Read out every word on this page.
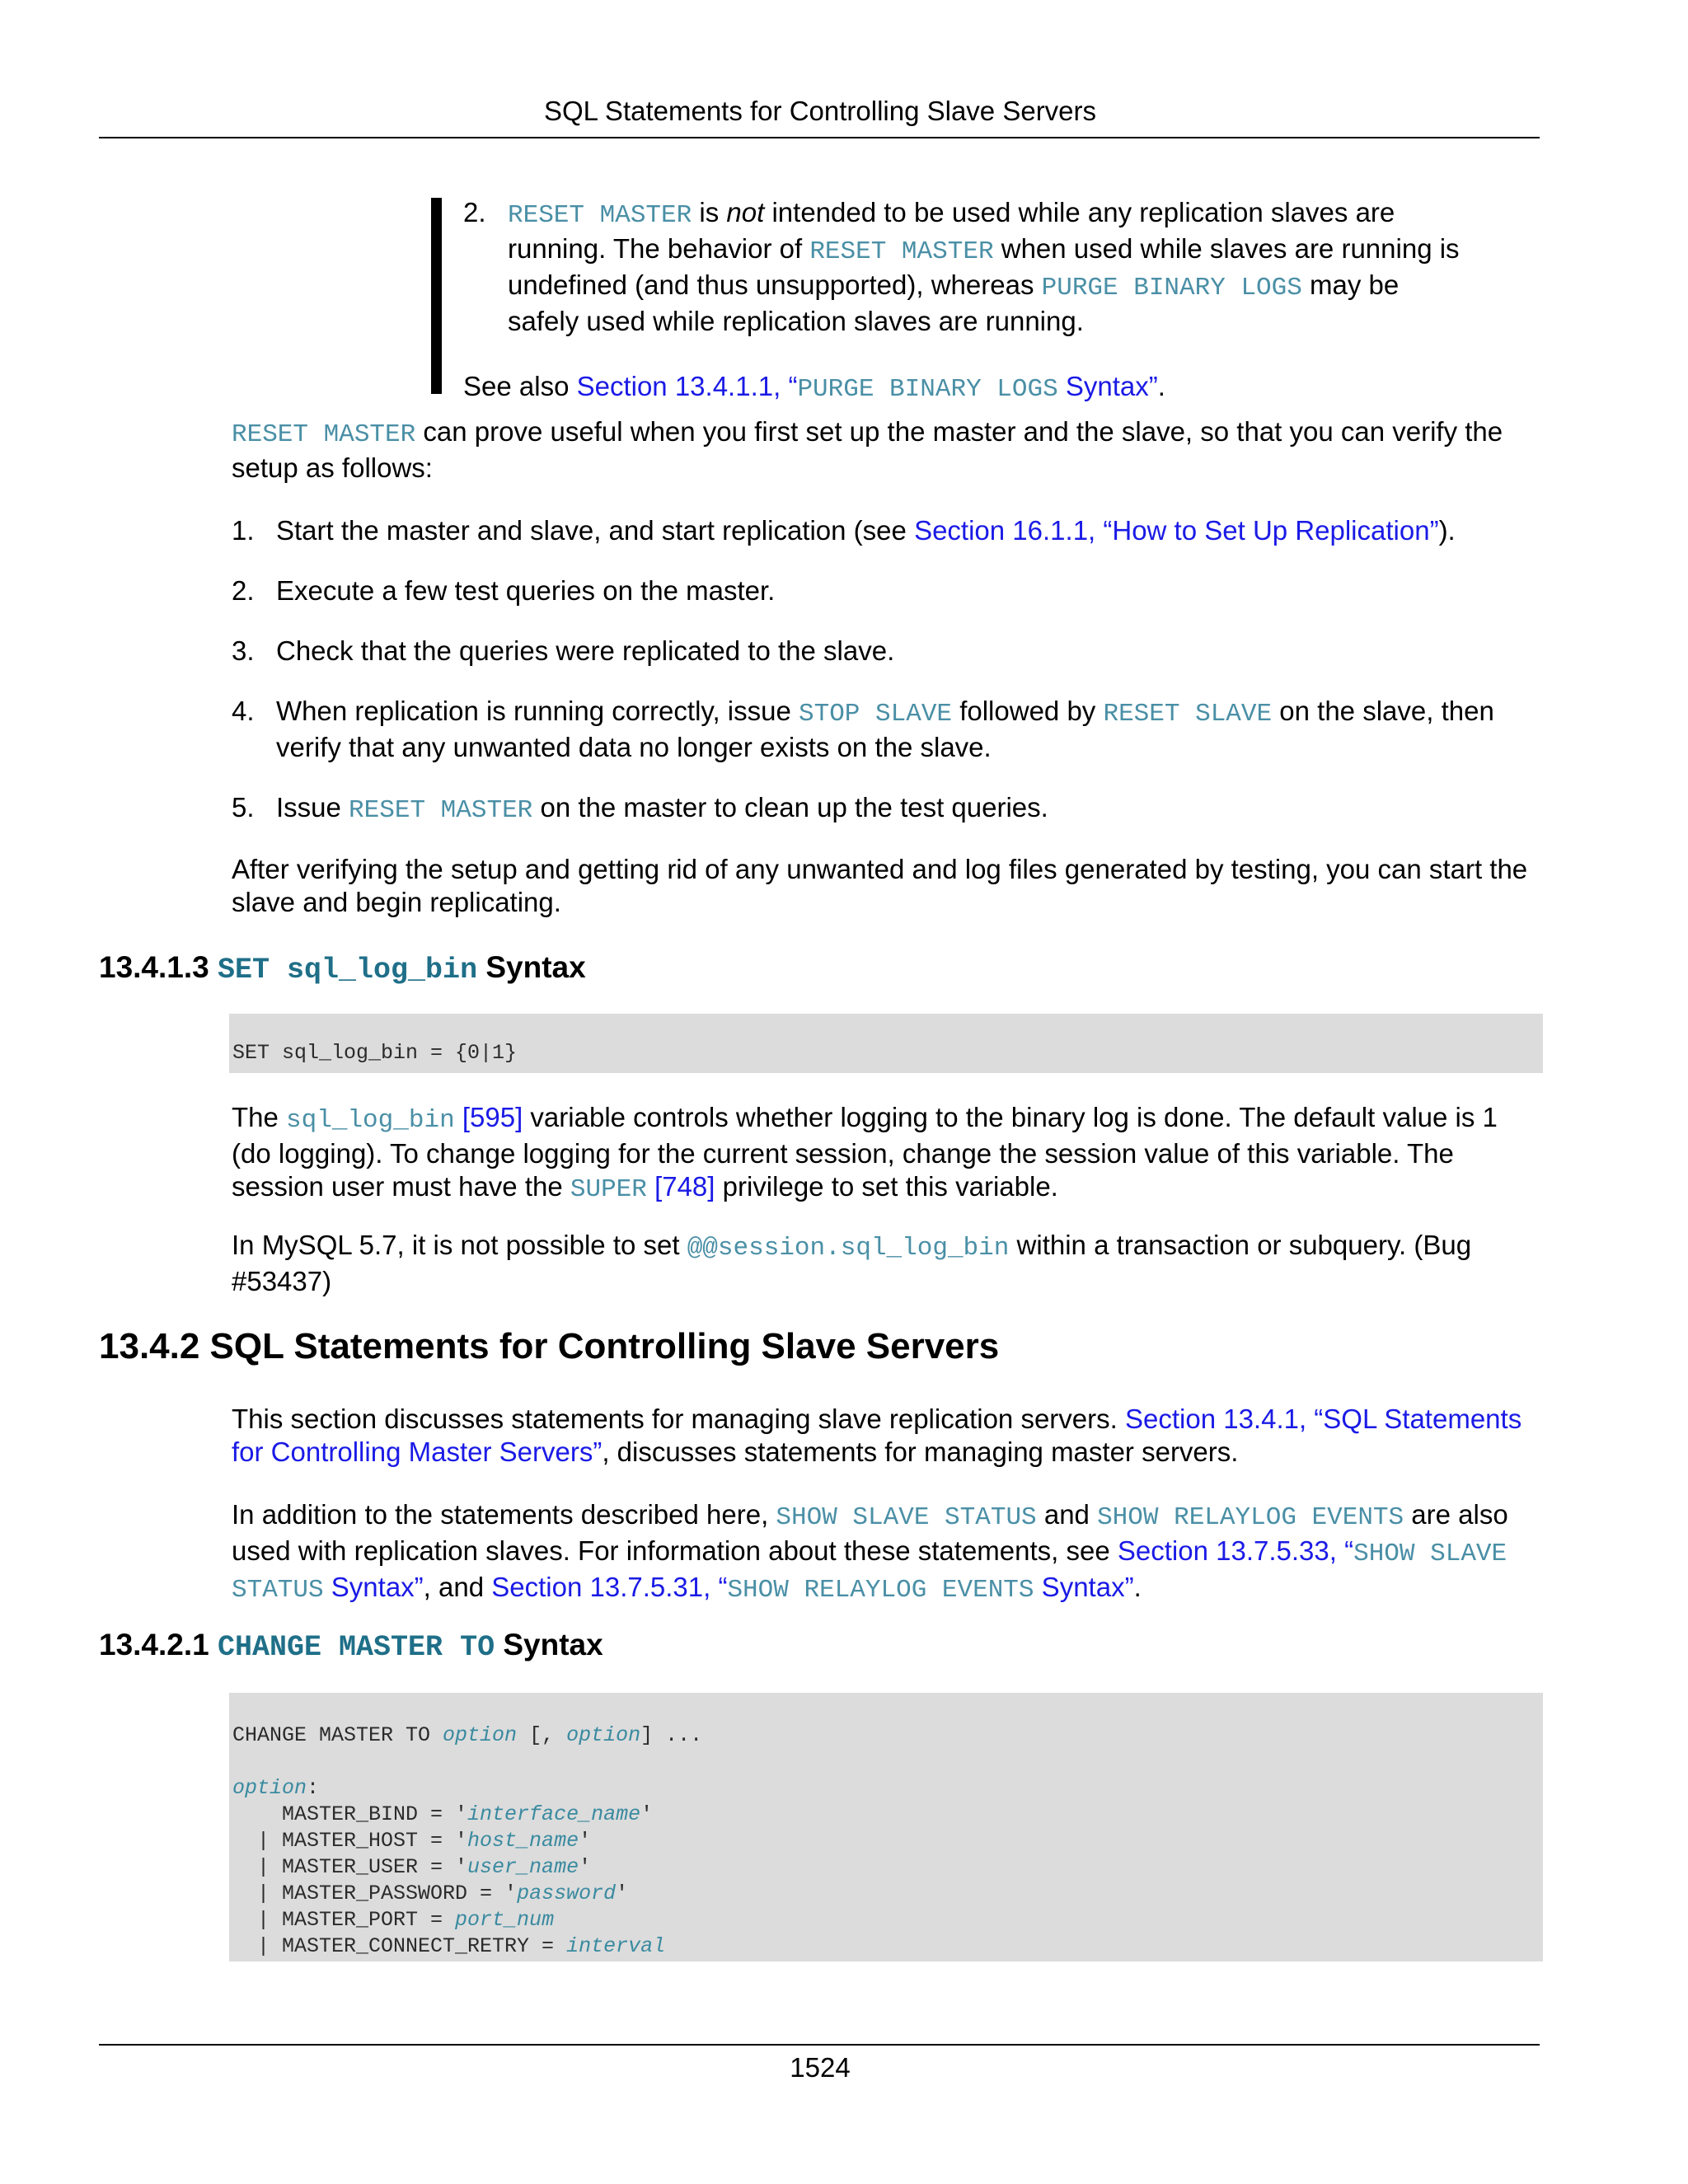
SQL Statements for Controlling Slave Servers

2. RESET MASTER is not intended to be used while any replication slaves are running. The behavior of RESET MASTER when used while slaves are running is undefined (and thus unsupported), whereas PURGE BINARY LOGS may be safely used while replication slaves are running.

See also Section 13.4.1.1, “PURGE BINARY LOGS Syntax”.

RESET MASTER can prove useful when you first set up the master and the slave, so that you can verify the setup as follows:

1. Start the master and slave, and start replication (see Section 16.1.1, “How to Set Up Replication”).
2. Execute a few test queries on the master.
3. Check that the queries were replicated to the slave.
4. When replication is running correctly, issue STOP SLAVE followed by RESET SLAVE on the slave, then verify that any unwanted data no longer exists on the slave.
5. Issue RESET MASTER on the master to clean up the test queries.

After verifying the setup and getting rid of any unwanted and log files generated by testing, you can start the slave and begin replicating.

13.4.1.3 SET sql_log_bin Syntax
SET sql_log_bin = {0|1}

The sql_log_bin [595] variable controls whether logging to the binary log is done. The default value is 1 (do logging). To change logging for the current session, change the session value of this variable. The session user must have the SUPER [748] privilege to set this variable.

In MySQL 5.7, it is not possible to set @@session.sql_log_bin within a transaction or subquery. (Bug #53437)

13.4.2 SQL Statements for Controlling Slave Servers

This section discusses statements for managing slave replication servers. Section 13.4.1, “SQL Statements for Controlling Master Servers”, discusses statements for managing master servers.

In addition to the statements described here, SHOW SLAVE STATUS and SHOW RELAYLOG EVENTS are also used with replication slaves. For information about these statements, see Section 13.7.5.33, “SHOW SLAVE STATUS Syntax”, and Section 13.7.5.31, “SHOW RELAYLOG EVENTS Syntax”.

13.4.2.1 CHANGE MASTER TO Syntax
CHANGE MASTER TO option [, option] ...

option:
MASTER_BIND = 'interface_name'
| MASTER_HOST = 'host_name'
| MASTER_USER = 'user_name'
| MASTER_PASSWORD = 'password'
| MASTER_PORT = port_num
| MASTER_CONNECT_RETRY = interval
1524
